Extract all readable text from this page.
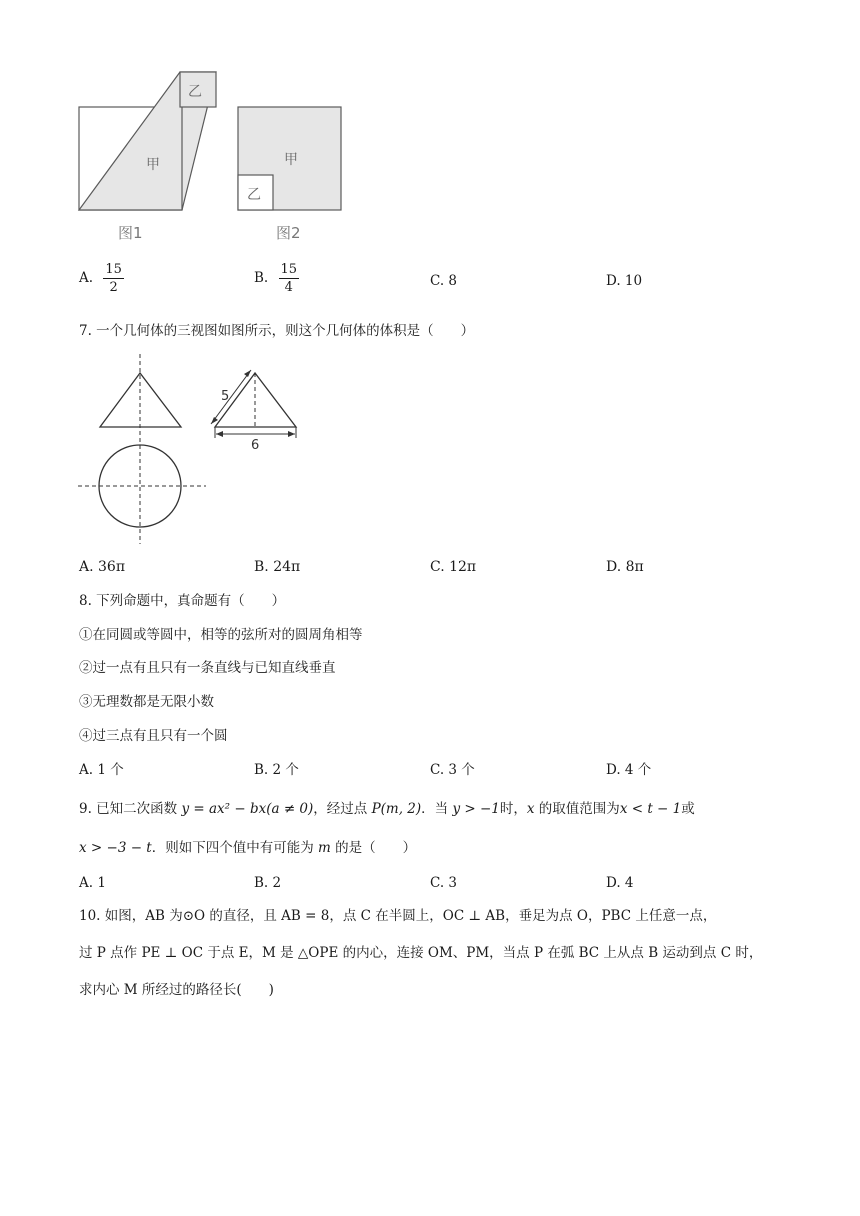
甲
乙
图1
甲
乙
图2
A. $\frac{15}{2}$	B. $\frac{15}{4}$	C. 8	D. 10
7. 一个几何体的三视图如图所示，则这个几何体的体积是（　　）
5
6
A. 36π	B. 24π	C. 12π	D. 8π
8. 下列命题中，真命题有（　　）
①在同圆或等圆中，相等的弦所对的圆周角相等
②过一点有且只有一条直线与已知直线垂直
③无理数都是无限小数
④过三点有且只有一个圆
A. 1 个	B. 2 个	C. 3 个	D. 4 个
9. 已知二次函数 y = ax² − bx(a ≠ 0)，经过点 P(m, 2)．当 y > −1时，x 的取值范围为x < t − 1或
x > −3 − t．则如下四个值中有可能为 m 的是（　　）
A. 1	B. 2	C. 3	D. 4
10. 如图，AB 为⊙O 的直径，且 AB = 8，点 C 在半圆上，OC ⊥ AB，垂足为点 O，PBC 上任意一点，
过 P 点作 PE ⊥ OC 于点 E，M 是 △OPE 的内心，连接 OM、PM，当点 P 在弧 BC 上从点 B 运动到点 C 时，
求内心 M 所经过的路径长(　　)
